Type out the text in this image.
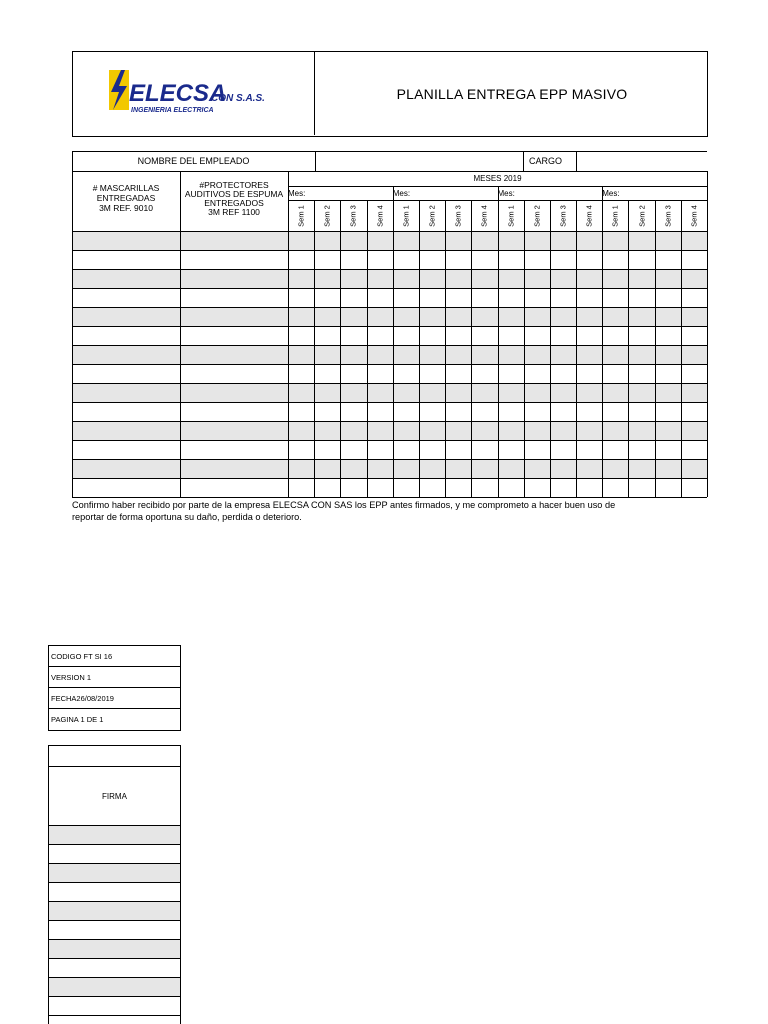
ELECSA
CON S.A.S.
INGENIERIA ELECTRICA
PLANILLA ENTREGA EPP MASIVO
NOMBRE DEL EMPLEADO	CARGO
# MASCARILLAS
ENTREGADAS
3M REF. 9010
#PROTECTORES
AUDITIVOS DE ESPUMA
ENTREGADOS
3M REF 1100
MESES 2019
Mes:
Sem 1 Sem 2 Sem 3 Sem 4
Mes:
Sem 1 Sem 2 Sem 3 Sem 4
Mes:
Sem 1 Sem 2 Sem 3 Sem 4
Mes:
Sem 1 Sem 2 Sem 3 Sem 4
Confirmo haber recibido por parte de la empresa ELECSA CON SAS los EPP antes firmados, y me comprometo a hacer buen uso de
reportar de forma oportuna su daño, perdida o deterioro.
CODIGO FT SI 16
VERSION 1
FECHA26/08/2019
PAGINA 1 DE 1
FIRMA
